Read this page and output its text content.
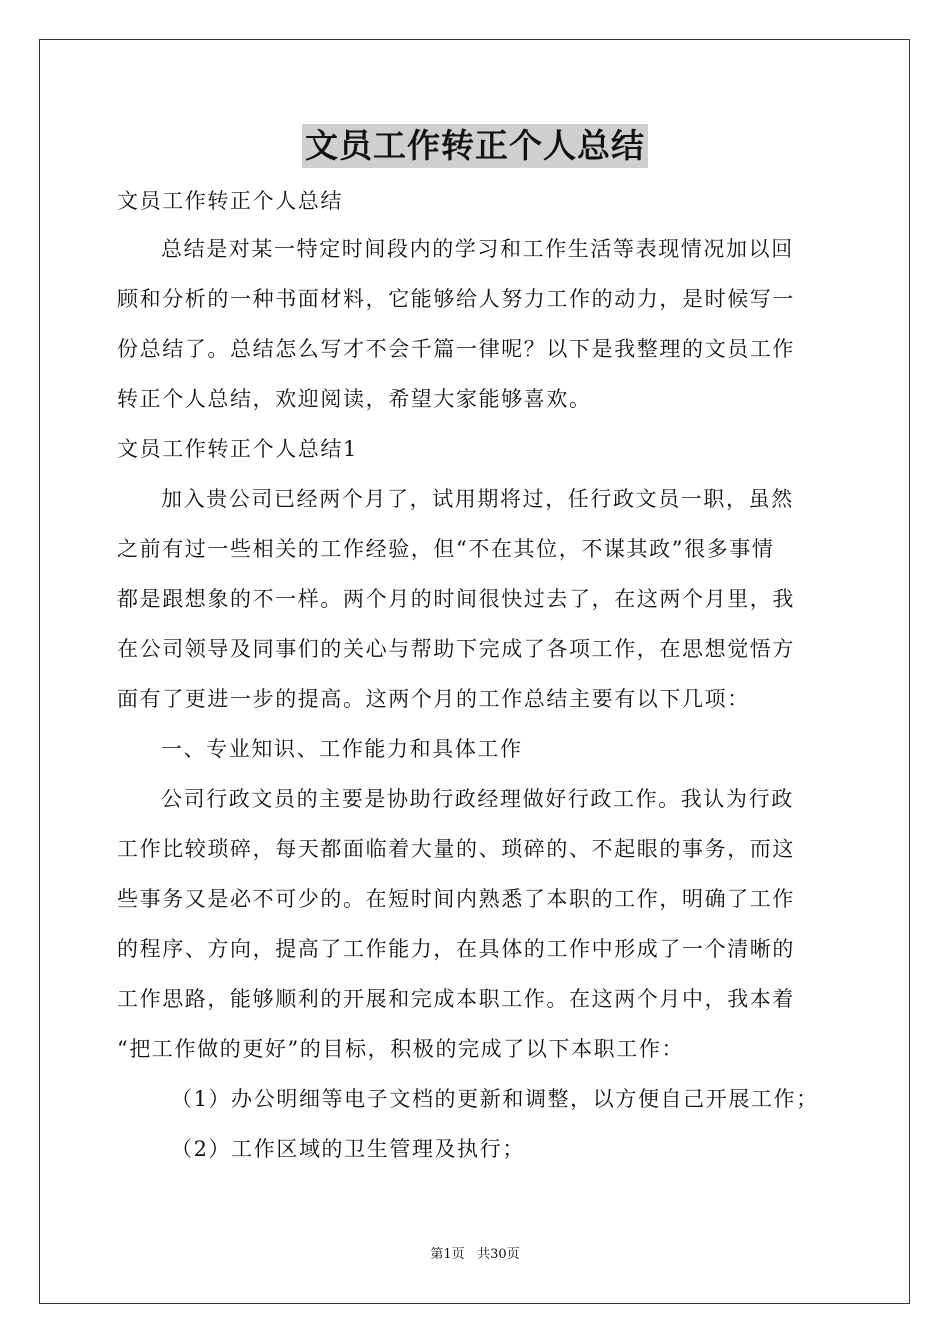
文员工作转正个人总结
文员工作转正个人总结
总结是对某一特定时间段内的学习和工作生活等表现情况加以回
顾和分析的一种书面材料，它能够给人努力工作的动力，是时候写一
份总结了。总结怎么写才不会千篇一律呢？以下是我整理的文员工作
转正个人总结，欢迎阅读，希望大家能够喜欢。
文员工作转正个人总结1
加入贵公司已经两个月了，试用期将过，任行政文员一职，虽然
之前有过一些相关的工作经验，但“不在其位，不谋其政”很多事情
都是跟想象的不一样。两个月的时间很快过去了，在这两个月里，我
在公司领导及同事们的关心与帮助下完成了各项工作，在思想觉悟方
面有了更进一步的提高。这两个月的工作总结主要有以下几项：
一、专业知识、工作能力和具体工作
公司行政文员的主要是协助行政经理做好行政工作。我认为行政
工作比较琐碎，每天都面临着大量的、琐碎的、不起眼的事务，而这
些事务又是必不可少的。在短时间内熟悉了本职的工作，明确了工作
的程序、方向，提高了工作能力，在具体的工作中形成了一个清晰的
工作思路，能够顺利的开展和完成本职工作。在这两个月中，我本着
“把工作做的更好”的目标，积极的完成了以下本职工作：
（1）办公明细等电子文档的更新和调整，以方便自己开展工作；
（2）工作区域的卫生管理及执行；
第1页 共30页
